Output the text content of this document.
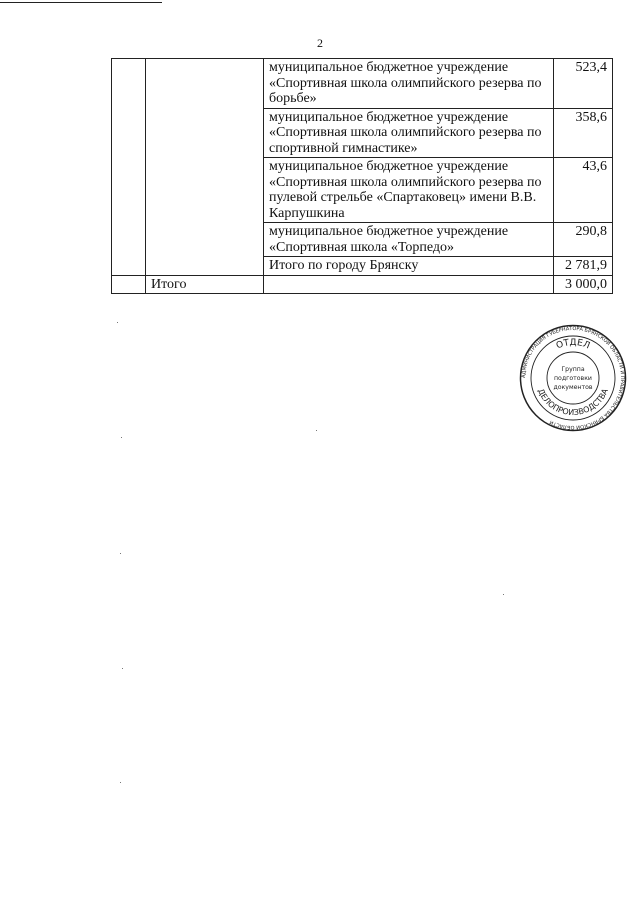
2
		муниципальное бюджетное учреждение «Спортивная школа олимпийского резерва по борьбе»	523,4
		муниципальное бюджетное учреждение «Спортивная школа олимпийского резерва по спортивной гимнастике»	358,6
		муниципальное бюджетное учреждение «Спортивная школа олимпийского резерва по пулевой стрельбе «Спартаковец» имени В.В. Карпушкина	43,6
		муниципальное бюджетное учреждение «Спортивная школа «Торпедо»	290,8
		Итого по городу Брянску	2 781,9
	Итого		3 000,0
АДМИНИСТРАЦИЯ ГУБЕРНАТОРА БРЯНСКОЙ ОБЛАСТИ И ПРАВИТЕЛЬСТВА БРЯНСКОЙ ОБЛАСТИ
ОТДЕЛ
ДЕЛОПРОИЗВОДСТВА
Группа
подготовки
документов
